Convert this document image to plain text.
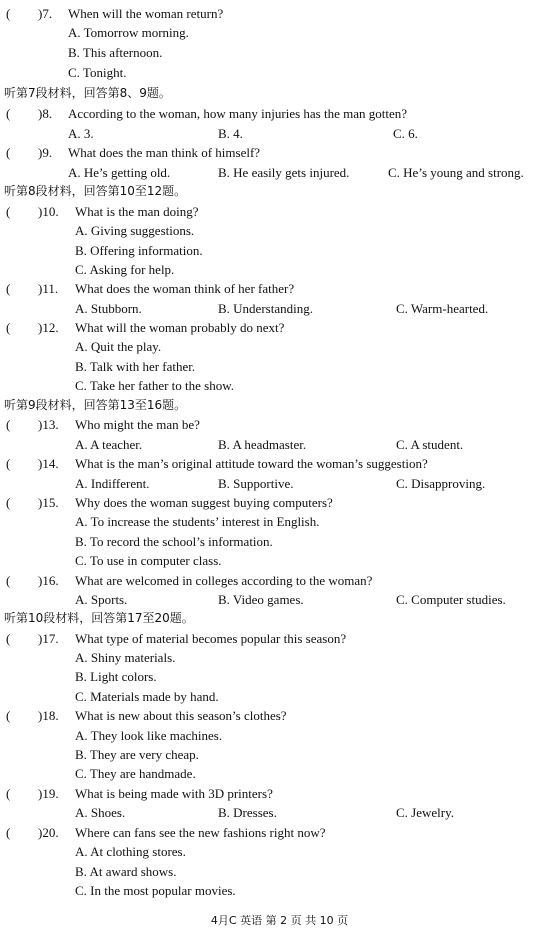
( )7. When will the woman return?
A. Tomorrow morning.
B. This afternoon.
C. Tonight.
听第7段材料，回答第8、9题。
( )8. According to the woman, how many injuries has the man gotten?
A. 3.	B. 4.	C. 6.
( )9. What does the man think of himself?
A. He’s getting old.	B. He easily gets injured.	C. He’s young and strong.
听第8段材料，回答第10至12题。
( )10. What is the man doing?
A. Giving suggestions.
B. Offering information.
C. Asking for help.
( )11. What does the woman think of her father?
A. Stubborn.	B. Understanding.	C. Warm-hearted.
( )12. What will the woman probably do next?
A. Quit the play.
B. Talk with her father.
C. Take her father to the show.
听第9段材料，回答第13至16题。
( )13. Who might the man be?
A. A teacher.	B. A headmaster.	C. A student.
( )14. What is the man’s original attitude toward the woman’s suggestion?
A. Indifferent.	B. Supportive.	C. Disapproving.
( )15. Why does the woman suggest buying computers?
A. To increase the students’ interest in English.
B. To record the school’s information.
C. To use in computer class.
( )16. What are welcomed in colleges according to the woman?
A. Sports.	B. Video games.	C. Computer studies.
听第10段材料，回答第17至20题。
( )17. What type of material becomes popular this season?
A. Shiny materials.
B. Light colors.
C. Materials made by hand.
( )18. What is new about this season’s clothes?
A. They look like machines.
B. They are very cheap.
C. They are handmade.
( )19. What is being made with 3D printers?
A. Shoes.	B. Dresses.	C. Jewelry.
( )20. Where can fans see the new fashions right now?
A. At clothing stores.
B. At award shows.
C. In the most popular movies.
4月C 英语 第 2 页 共 10 页
